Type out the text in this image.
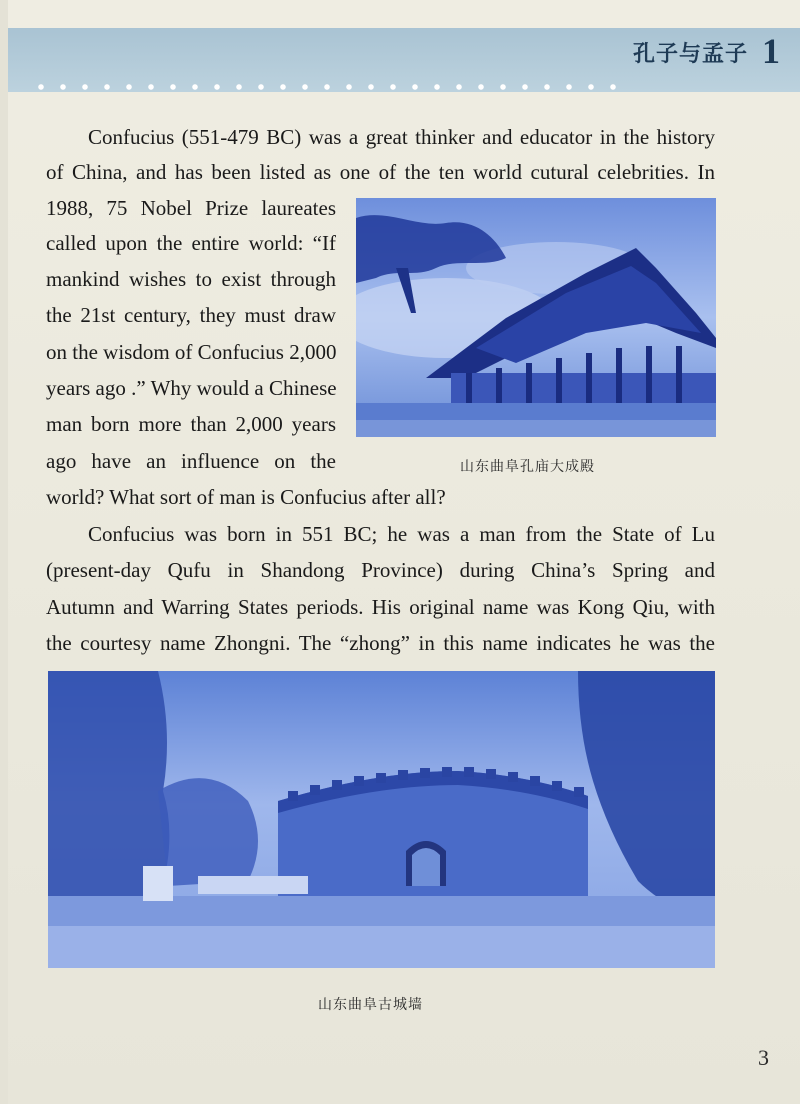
孔子与孟子 1
Confucius (551-479 BC) was a great thinker and educator in the history
of China, and has been listed as one of the ten world cutural celebrities. In
1988, 75 Nobel Prize laureates
called upon the entire world: “If
mankind wishes to exist through
the 21st century, they must draw
on the wisdom of Confucius 2,000
years ago .” Why would a Chinese
man born more than 2,000 years
ago have an influence on the
world? What sort of man is Confucius after all?
山东曲阜孔庙大成殿
Confucius was born in 551 BC; he was a man from the State of Lu
(present-day Qufu in Shandong Province) during China’s Spring and
Autumn and Warring States periods. His original name was Kong Qiu, with
the courtesy name Zhongni. The “zhong” in this name indicates he was the
山东曲阜古城墙
3
